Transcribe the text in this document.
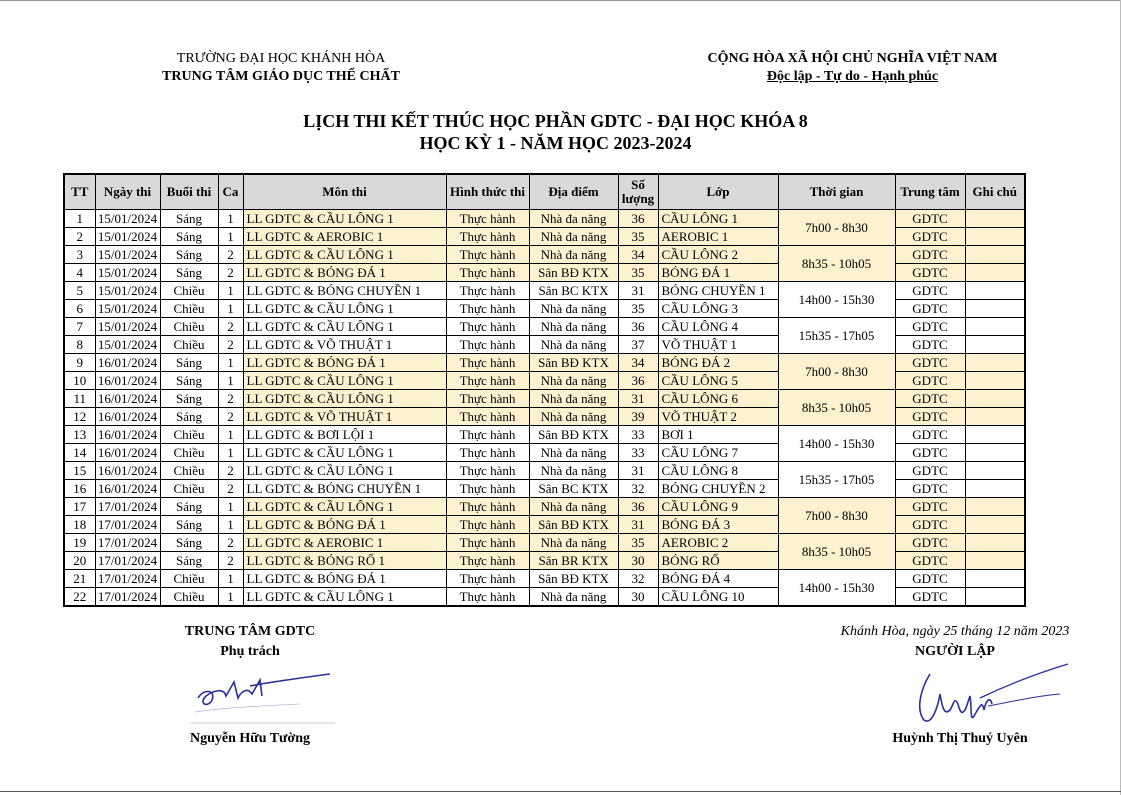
TRƯỜNG ĐẠI HỌC KHÁNH HÒA
TRUNG TÂM GIÁO DỤC THỂ CHẤT
CỘNG HÒA XÃ HỘI CHỦ NGHĨA VIỆT NAM
Độc lập - Tự do - Hạnh phúc
LỊCH THI KẾT THÚC HỌC PHẦN GDTC - ĐẠI HỌC KHÓA 8
HỌC KỲ 1 - NĂM HỌC 2023-2024
TT	Ngày thi	Buổi thi	Ca	Môn thi	Hình thức thi	Địa điểm	Số lượng	Lớp	Thời gian	Trung tâm	Ghi chú
1	15/01/2024	Sáng	1	LL GDTC & CẦU LÔNG 1	Thực hành	Nhà đa năng	36	CẦU LÔNG 1	7h00 - 8h30	GDTC	
2	15/01/2024	Sáng	1	LL GDTC & AEROBIC 1	Thực hành	Nhà đa năng	35	AEROBIC 1		GDTC	
3	15/01/2024	Sáng	2	LL GDTC & CẦU LÔNG 1	Thực hành	Nhà đa năng	34	CẦU LÔNG 2	8h35 - 10h05	GDTC	
4	15/01/2024	Sáng	2	LL GDTC & BÓNG ĐÁ 1	Thực hành	Sân BĐ KTX	35	BÓNG ĐÁ 1		GDTC	
5	15/01/2024	Chiều	1	LL GDTC & BÓNG CHUYỀN 1	Thực hành	Sân BC KTX	31	BÓNG CHUYỀN 1	14h00 - 15h30	GDTC	
6	15/01/2024	Chiều	1	LL GDTC & CẦU LÔNG 1	Thực hành	Nhà đa năng	35	CẦU LÔNG 3		GDTC	
7	15/01/2024	Chiều	2	LL GDTC & CẦU LÔNG 1	Thực hành	Nhà đa năng	36	CẦU LÔNG 4	15h35 - 17h05	GDTC	
8	15/01/2024	Chiều	2	LL GDTC & VÕ THUẬT 1	Thực hành	Nhà đa năng	37	VÕ THUẬT 1		GDTC	
9	16/01/2024	Sáng	1	LL GDTC & BÓNG ĐÁ 1	Thực hành	Sân BĐ KTX	34	BÓNG ĐÁ 2	7h00 - 8h30	GDTC	
10	16/01/2024	Sáng	1	LL GDTC & CẦU LÔNG 1	Thực hành	Nhà đa năng	36	CẦU LÔNG 5		GDTC	
11	16/01/2024	Sáng	2	LL GDTC & CẦU LÔNG 1	Thực hành	Nhà đa năng	31	CẦU LÔNG 6	8h35 - 10h05	GDTC	
12	16/01/2024	Sáng	2	LL GDTC & VÕ THUẬT 1	Thực hành	Nhà đa năng	39	VÕ THUẬT 2		GDTC	
13	16/01/2024	Chiều	1	LL GDTC & BƠI LỘI 1	Thực hành	Sân BĐ KTX	33	BƠI 1	14h00 - 15h30	GDTC	
14	16/01/2024	Chiều	1	LL GDTC & CẦU LÔNG 1	Thực hành	Nhà đa năng	33	CẦU LÔNG 7		GDTC	
15	16/01/2024	Chiều	2	LL GDTC & CẦU LÔNG 1	Thực hành	Nhà đa năng	31	CẦU LÔNG 8	15h35 - 17h05	GDTC	
16	16/01/2024	Chiều	2	LL GDTC & BÓNG CHUYỀN 1	Thực hành	Sân BC KTX	32	BÓNG CHUYỀN 2		GDTC	
17	17/01/2024	Sáng	1	LL GDTC & CẦU LÔNG 1	Thực hành	Nhà đa năng	36	CẦU LÔNG 9	7h00 - 8h30	GDTC	
18	17/01/2024	Sáng	1	LL GDTC & BÓNG ĐÁ 1	Thực hành	Sân BĐ KTX	31	BÓNG ĐÁ 3		GDTC	
19	17/01/2024	Sáng	2	LL GDTC & AEROBIC 1	Thực hành	Nhà đa năng	35	AEROBIC 2	8h35 - 10h05	GDTC	
20	17/01/2024	Sáng	2	LL GDTC & BÓNG RỔ 1	Thực hành	Sân BR KTX	30	BÓNG RỔ		GDTC	
21	17/01/2024	Chiều	1	LL GDTC & BÓNG ĐÁ 1	Thực hành	Sân BĐ KTX	32	BÓNG ĐÁ 4	14h00 - 15h30	GDTC	
22	17/01/2024	Chiều	1	LL GDTC & CẦU LÔNG 1	Thực hành	Nhà đa năng	30	CẦU LÔNG 10		GDTC	
TRUNG TÂM GDTC
Phụ trách
Nguyễn Hữu Tường
Khánh Hòa, ngày 25 tháng 12 năm 2023
NGƯỜI LẬP
Huỳnh Thị Thuý Uyên
